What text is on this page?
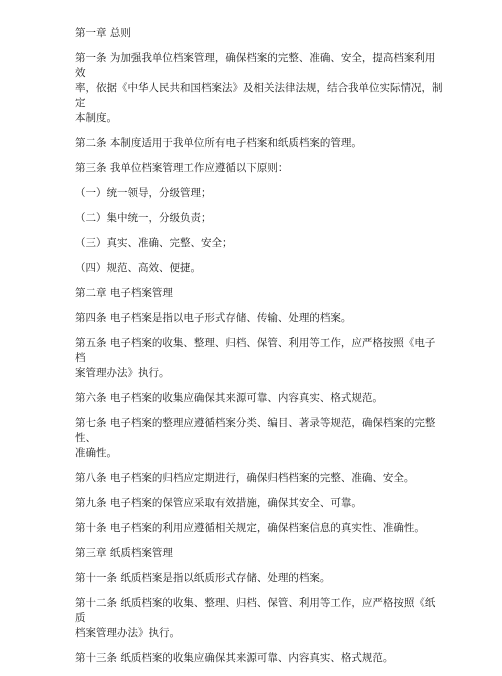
第一章 总则

第一条 为加强我单位档案管理，确保档案的完整、准确、安全，提高档案利用效
率，依据《中华人民共和国档案法》及相关法律法规，结合我单位实际情况，制定
本制度。

第二条 本制度适用于我单位所有电子档案和纸质档案的管理。

第三条 我单位档案管理工作应遵循以下原则：

（一）统一领导，分级管理；

（二）集中统一，分级负责；

（三）真实、准确、完整、安全；

（四）规范、高效、便捷。

第二章 电子档案管理

第四条 电子档案是指以电子形式存储、传输、处理的档案。

第五条 电子档案的收集、整理、归档、保管、利用等工作，应严格按照《电子档
案管理办法》执行。

第六条 电子档案的收集应确保其来源可靠、内容真实、格式规范。

第七条 电子档案的整理应遵循档案分类、编目、著录等规范，确保档案的完整性、
准确性。

第八条 电子档案的归档应定期进行，确保归档档案的完整、准确、安全。

第九条 电子档案的保管应采取有效措施，确保其安全、可靠。

第十条 电子档案的利用应遵循相关规定，确保档案信息的真实性、准确性。

第三章 纸质档案管理

第十一条 纸质档案是指以纸质形式存储、处理的档案。

第十二条 纸质档案的收集、整理、归档、保管、利用等工作，应严格按照《纸质
档案管理办法》执行。

第十三条 纸质档案的收集应确保其来源可靠、内容真实、格式规范。
